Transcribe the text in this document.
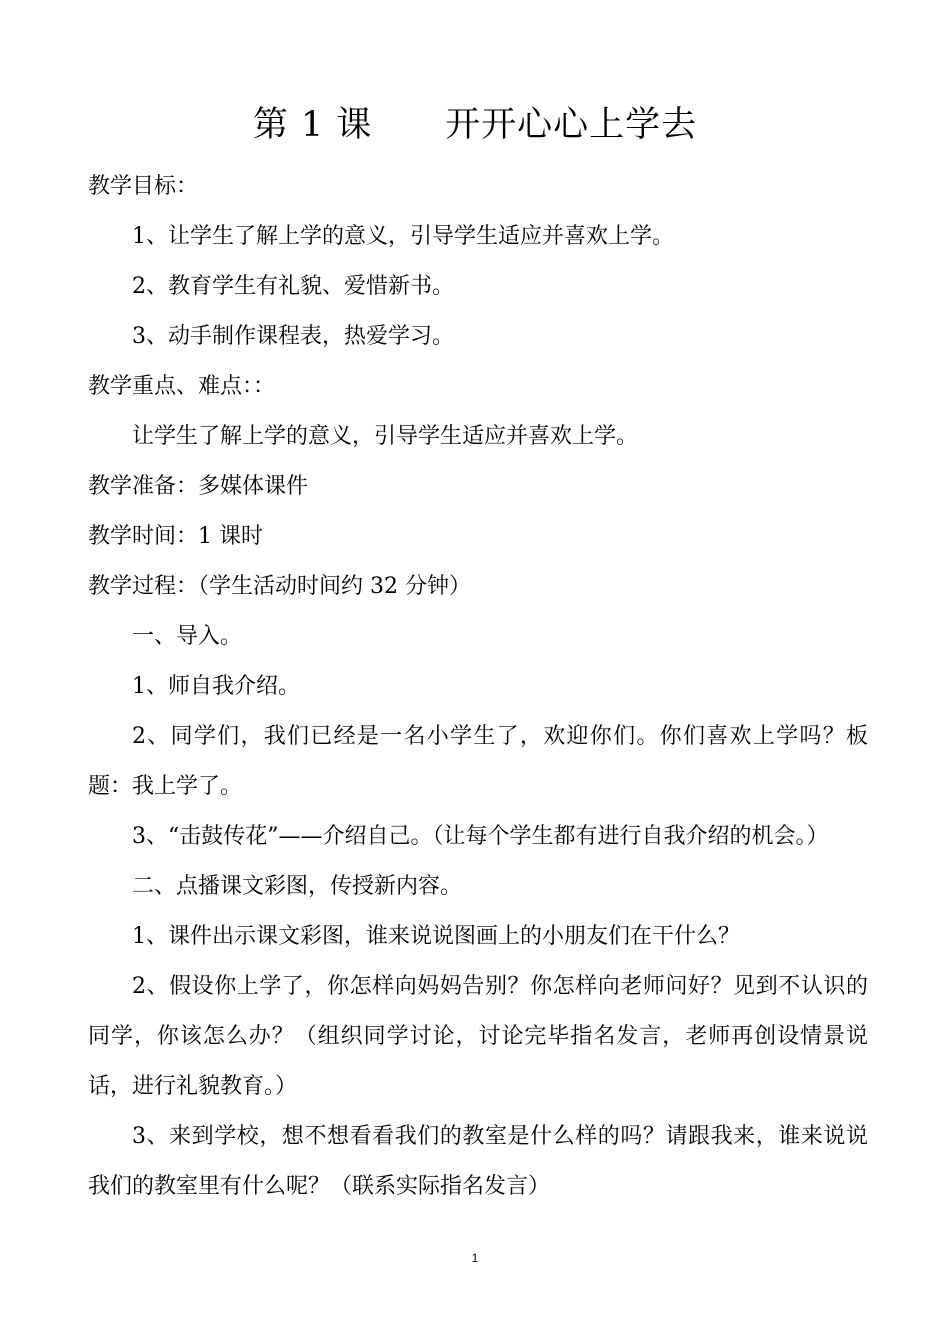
第 1 课      开开心心上学去

教学目标：

1、让学生了解上学的意义，引导学生适应并喜欢上学。

2、教育学生有礼貌、爱惜新书。

3、动手制作课程表，热爱学习。

教学重点、难点：：

让学生了解上学的意义，引导学生适应并喜欢上学。

教学准备：多媒体课件

教学时间：1 课时

教学过程：（学生活动时间约 32 分钟）

一、导入。

1、师自我介绍。

2、同学们，我们已经是一名小学生了，欢迎你们。你们喜欢上学吗？板题：我上学了。

3、“击鼓传花”——介绍自己。（让每个学生都有进行自我介绍的机会。）

二、点播课文彩图，传授新内容。

1、课件出示课文彩图，谁来说说图画上的小朋友们在干什么？

2、假设你上学了，你怎样向妈妈告别？你怎样向老师问好？见到不认识的同学，你该怎么办？（组织同学讨论，讨论完毕指名发言，老师再创设情景说话，进行礼貌教育。）

3、来到学校，想不想看看我们的教室是什么样的吗？请跟我来，谁来说说我们的教室里有什么呢？（联系实际指名发言）

1
